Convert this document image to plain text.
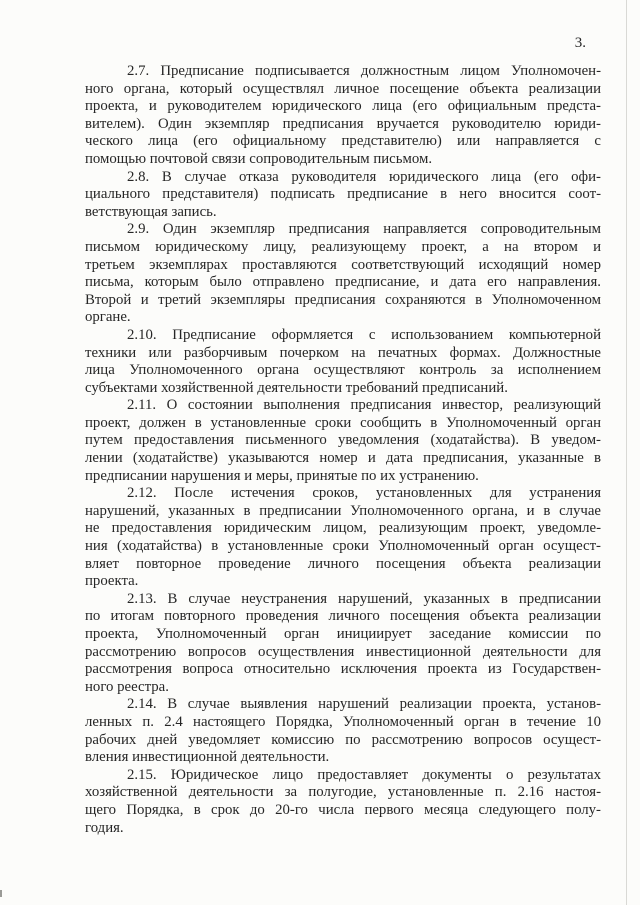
3.
2.7. Предписание подписывается должностным лицом Уполномочен-
ного органа, который осуществлял личное посещение объекта реализации
проекта, и руководителем юридического лица (его официальным предста-
вителем). Один экземпляр предписания вручается руководителю юриди-
ческого лица (его официальному представителю) или направляется с
помощью почтовой связи сопроводительным письмом.
2.8. В случае отказа руководителя юридического лица (его офи-
циального представителя) подписать предписание в него вносится соот-
ветствующая запись.
2.9. Один экземпляр предписания направляется сопроводительным
письмом юридическому лицу, реализующему проект, а на втором и
третьем экземплярах проставляются соответствующий исходящий номер
письма, которым было отправлено предписание, и дата его направления.
Второй и третий экземпляры предписания сохраняются в Уполномоченном
органе.
2.10. Предписание оформляется с использованием компьютерной
техники или разборчивым почерком на печатных формах. Должностные
лица Уполномоченного органа осуществляют контроль за исполнением
субъектами хозяйственной деятельности требований предписаний.
2.11. О состоянии выполнения предписания инвестор, реализующий
проект, должен в установленные сроки сообщить в Уполномоченный орган
путем предоставления письменного уведомления (ходатайства). В уведом-
лении (ходатайстве) указываются номер и дата предписания, указанные в
предписании нарушения и меры, принятые по их устранению.
2.12. После истечения сроков, установленных для устранения
нарушений, указанных в предписании Уполномоченного органа, и в случае
не предоставления юридическим лицом, реализующим проект, уведомле-
ния (ходатайства) в установленные сроки Уполномоченный орган осущест-
вляет повторное проведение личного посещения объекта реализации
проекта.
2.13. В случае неустранения нарушений, указанных в предписании
по итогам повторного проведения личного посещения объекта реализации
проекта, Уполномоченный орган инициирует заседание комиссии по
рассмотрению вопросов осуществления инвестиционной деятельности для
рассмотрения вопроса относительно исключения проекта из Государствен-
ного реестра.
2.14. В случае выявления нарушений реализации проекта, установ-
ленных п. 2.4 настоящего Порядка, Уполномоченный орган в течение 10
рабочих дней уведомляет комиссию по рассмотрению вопросов осущест-
вления инвестиционной деятельности.
2.15. Юридическое лицо предоставляет документы о результатах
хозяйственной деятельности за полугодие, установленные п. 2.16 настоя-
щего Порядка, в срок до 20-го числа первого месяца следующего полу-
годия.
